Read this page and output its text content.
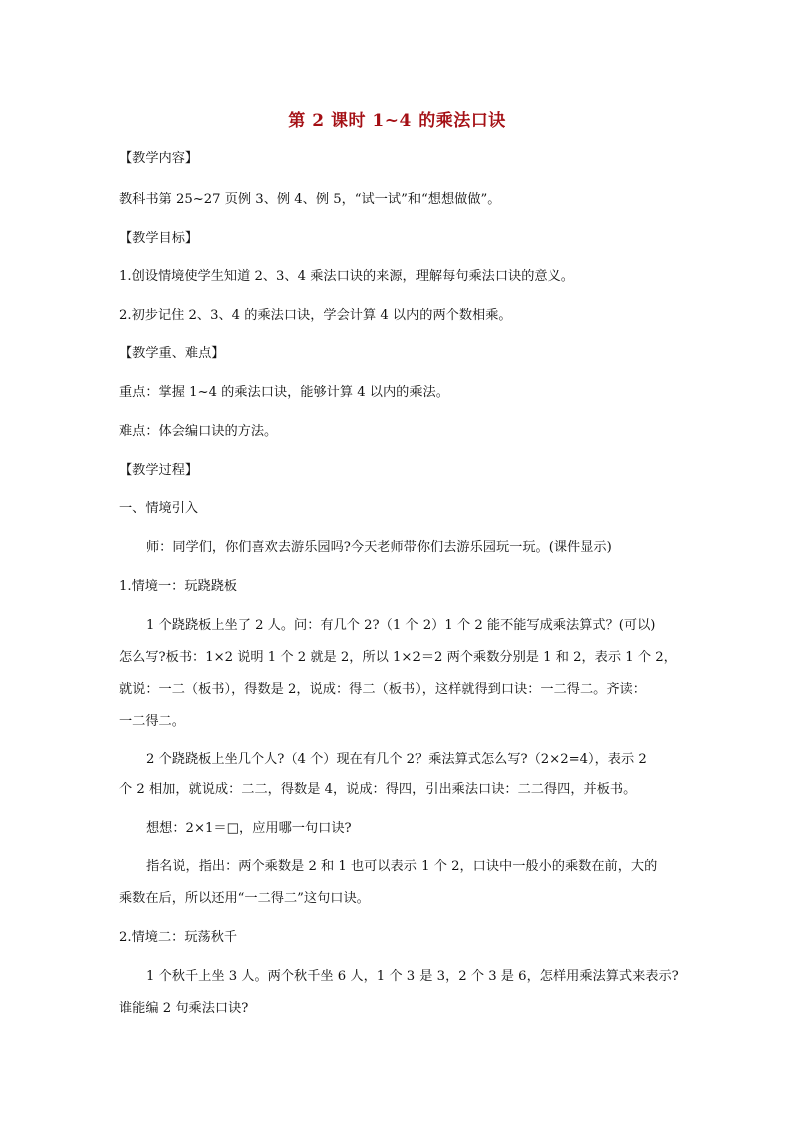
第 2 课时 1~4 的乘法口诀
【教学内容】
教科书第 25~27 页例 3、例 4、例 5，“试一试”和“想想做做”。
【教学目标】
1.创设情境使学生知道 2、3、4 乘法口诀的来源，理解每句乘法口诀的意义。
2.初步记住 2、3、4 的乘法口诀，学会计算 4 以内的两个数相乘。
【教学重、难点】
重点：掌握 1~4 的乘法口诀，能够计算 4 以内的乘法。
难点：体会编口诀的方法。
【教学过程】
一、情境引入
师：同学们，你们喜欢去游乐园吗?今天老师带你们去游乐园玩一玩。(课件显示)
1.情境一：玩跷跷板
1 个跷跷板上坐了 2 人。问：有几个 2?（1 个 2）1 个 2 能不能写成乘法算式？(可以)
怎么写?板书：1×2 说明 1 个 2 就是 2，所以 1×2＝2 两个乘数分别是 1 和 2，表示 1 个 2，
就说：一二（板书），得数是 2，说成：得二（板书），这样就得到口诀：一二得二。齐读：
一二得二。
2 个跷跷板上坐几个人?（4 个）现在有几个 2？乘法算式怎么写?（2×2=4），表示 2
个 2 相加，就说成：二二，得数是 4，说成：得四，引出乘法口诀：二二得四，并板书。
想想：2×1＝□，应用哪一句口诀?
指名说，指出：两个乘数是 2 和 1 也可以表示 1 个 2，口诀中一般小的乘数在前，大的
乘数在后，所以还用“一二得二”这句口诀。
2.情境二：玩荡秋千
1 个秋千上坐 3 人。两个秋千坐 6 人，1 个 3 是 3，2 个 3 是 6，怎样用乘法算式来表示?
谁能编 2 句乘法口诀?
